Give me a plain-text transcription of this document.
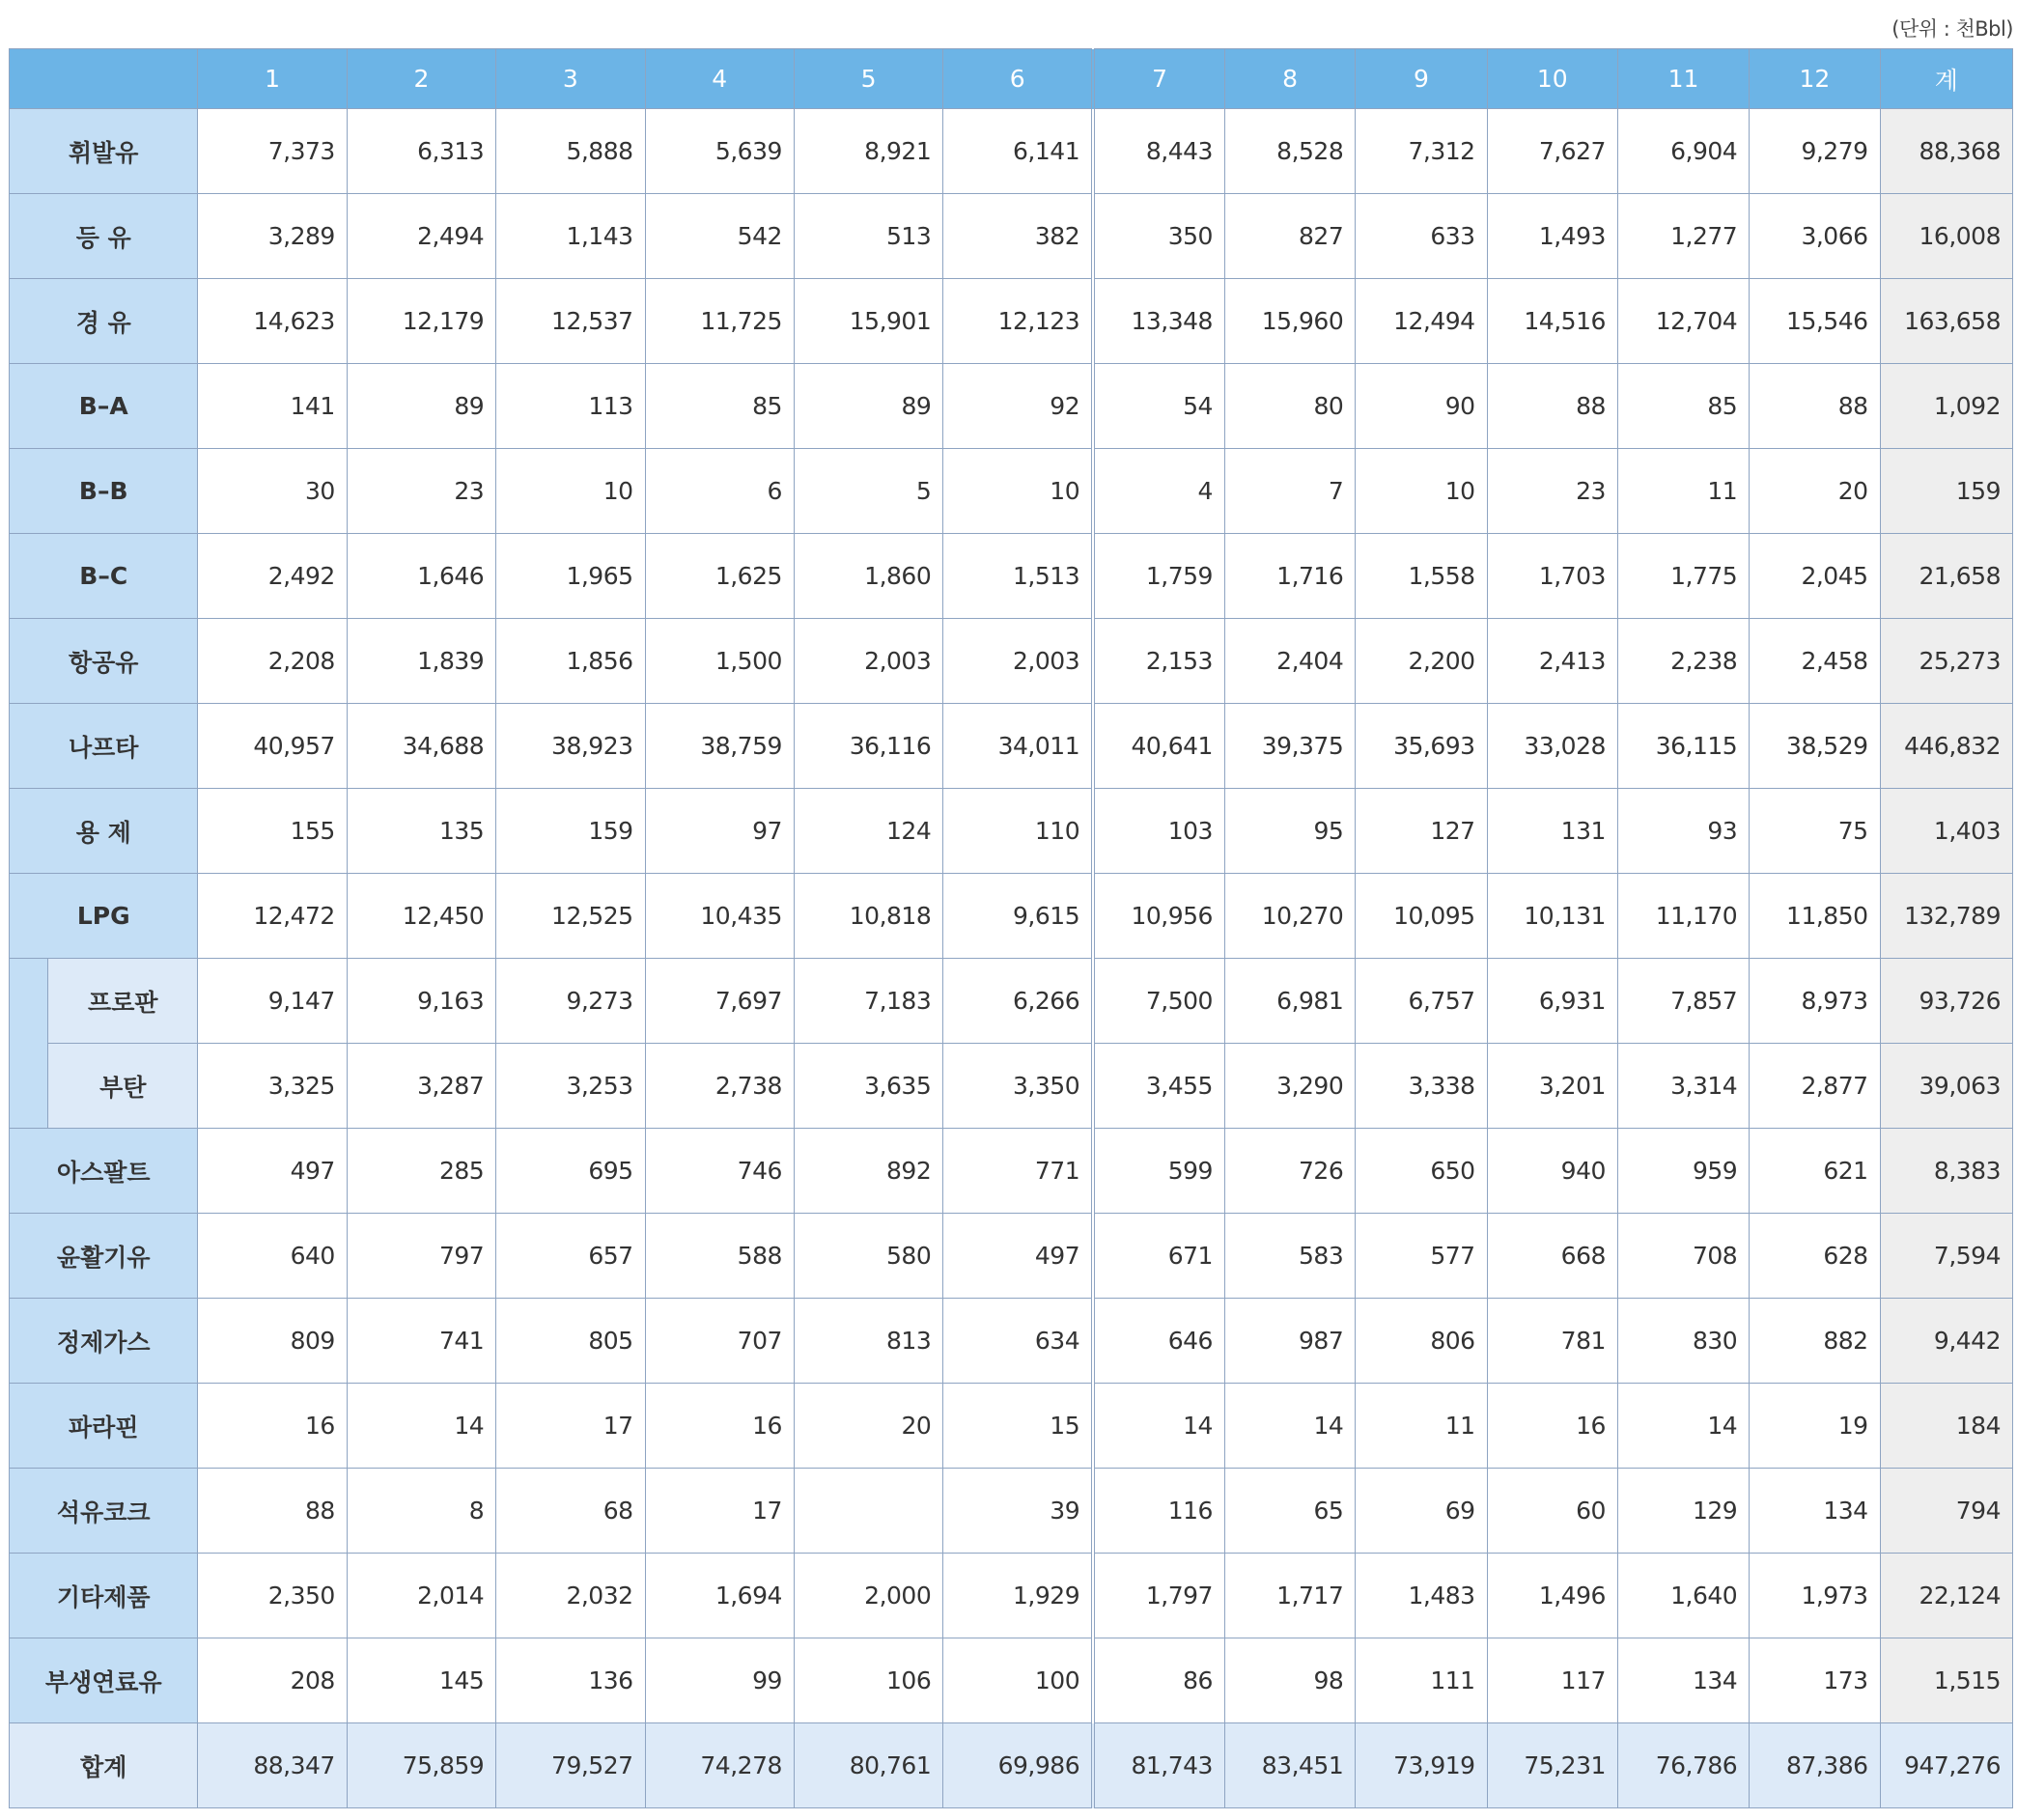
(단위 : 천Bbl)
		1	2	3	4	5	6	7	8	9	10	11	12	계
휘발유		7,373	6,313	5,888	5,639	8,921	6,141	8,443	8,528	7,312	7,627	6,904	9,279	88,368
등 유		3,289	2,494	1,143	542	513	382	350	827	633	1,493	1,277	3,066	16,008
경 유		14,623	12,179	12,537	11,725	15,901	12,123	13,348	15,960	12,494	14,516	12,704	15,546	163,658
B–A		141	89	113	85	89	92	54	80	90	88	85	88	1,092
B–B		30	23	10	6	5	10	4	7	10	23	11	20	159
B–C		2,492	1,646	1,965	1,625	1,860	1,513	1,759	1,716	1,558	1,703	1,775	2,045	21,658
항공유		2,208	1,839	1,856	1,500	2,003	2,003	2,153	2,404	2,200	2,413	2,238	2,458	25,273
나프타		40,957	34,688	38,923	38,759	36,116	34,011	40,641	39,375	35,693	33,028	36,115	38,529	446,832
용 제		155	135	159	97	124	110	103	95	127	131	93	75	1,403
LPG		12,472	12,450	12,525	10,435	10,818	9,615	10,956	10,270	10,095	10,131	11,170	11,850	132,789
	프로판	9,147	9,163	9,273	7,697	7,183	6,266	7,500	6,981	6,757	6,931	7,857	8,973	93,726
	부탄	3,325	3,287	3,253	2,738	3,635	3,350	3,455	3,290	3,338	3,201	3,314	2,877	39,063
아스팔트		497	285	695	746	892	771	599	726	650	940	959	621	8,383
윤활기유		640	797	657	588	580	497	671	583	577	668	708	628	7,594
정제가스		809	741	805	707	813	634	646	987	806	781	830	882	9,442
파라핀		16	14	17	16	20	15	14	14	11	16	14	19	184
석유코크		88	8	68	17		39	116	65	69	60	129	134	794
기타제품		2,350	2,014	2,032	1,694	2,000	1,929	1,797	1,717	1,483	1,496	1,640	1,973	22,124
부생연료유		208	145	136	99	106	100	86	98	111	117	134	173	1,515
합계		88,347	75,859	79,527	74,278	80,761	69,986	81,743	83,451	73,919	75,231	76,786	87,386	947,276
